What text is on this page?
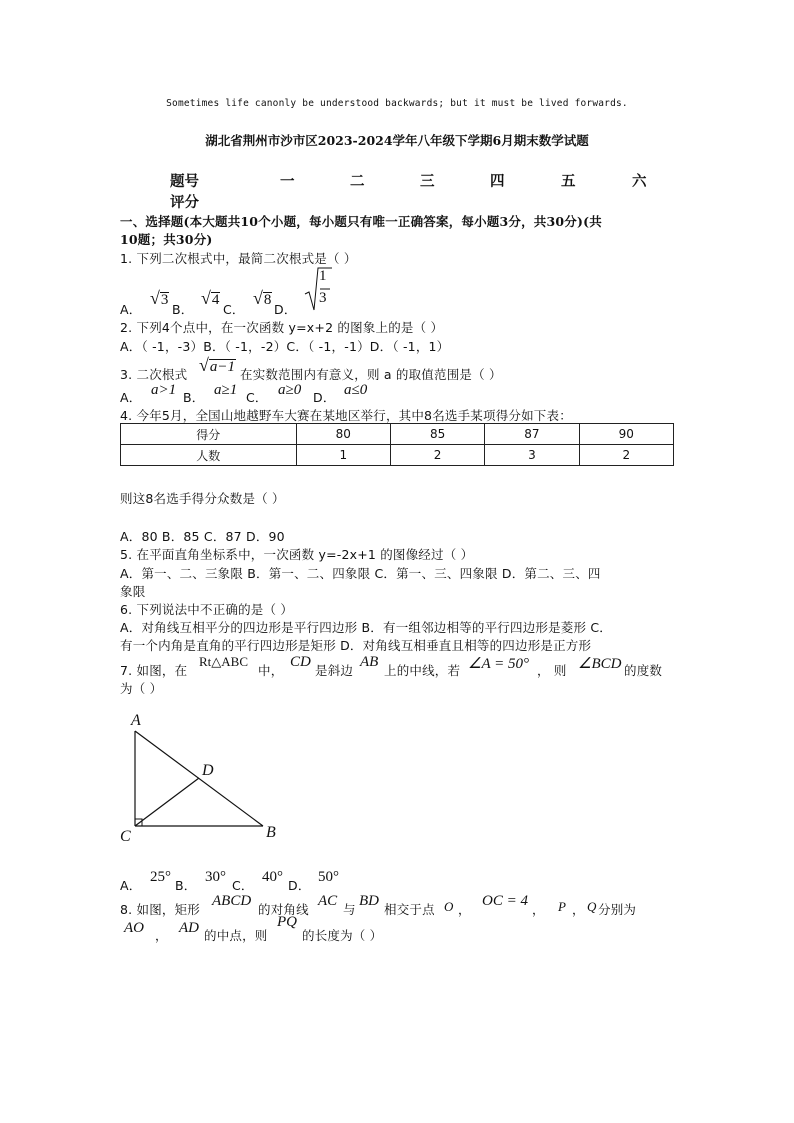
Sometimes life canonly be understood backwards; but it must be lived forwards.
湖北省荆州市沙市区2023-2024学年八年级下学期6月期末数学试题
题号	一	二	三	四	五	六
评分
一、选择题(本大题共10个小题，每小题只有唯一正确答案，每小题3分，共30分)(共
10题；共30分)
1. 下列二次根式中，最简二次根式是（ ）
A．
√3
B．
√4
C．
√8
D．
1
3
2. 下列4个点中，在一次函数 y=x+2 的图象上的是（ ）
A．（ -1，-3）B．（ -1，-2）C．（ -1，-1）D．（ -1，1）
3. 二次根式 √a−1 在实数范围内有意义，则 a 的取值范围是（ ）
A． a>1 B． a≥1 C． a≥0 D． a≤0
4. 今年5月，全国山地越野车大赛在某地区举行，其中8名选手某项得分如下表：
得分	80	85	87	90
人数	1	2	3	2
则这8名选手得分众数是（ ）
A．80 B．85 C．87 D．90
5. 在平面直角坐标系中，一次函数 y=-2x+1 的图像经过（ ）
A．第一、二、三象限 B．第一、二、四象限 C．第一、三、四象限 D．第二、三、四
象限
6. 下列说法中不正确的是（ ）
A．对角线互相平分的四边形是平行四边形 B．有一组邻边相等的平行四边形是菱形 C．
有一个内角是直角的平行四边形是矩形 D．对角线互相垂直且相等的四边形是正方形
7. 如图，在
Rt△ABC
中，
CD
是斜边
AB
上的中线，若 ∠A = 50° ， 则 ∠BCD 的度数
为（ ）
A
D
C	B
A．
25°
B．
30°
C．
40°
D．
50°
8. 如图，矩形
ABCD
的对角线
AC
与
BD
相交于点 O ，
OC = 4
， P ， Q 分别为
AO ， AD 的中点，则
PQ
的长度为（ ）
